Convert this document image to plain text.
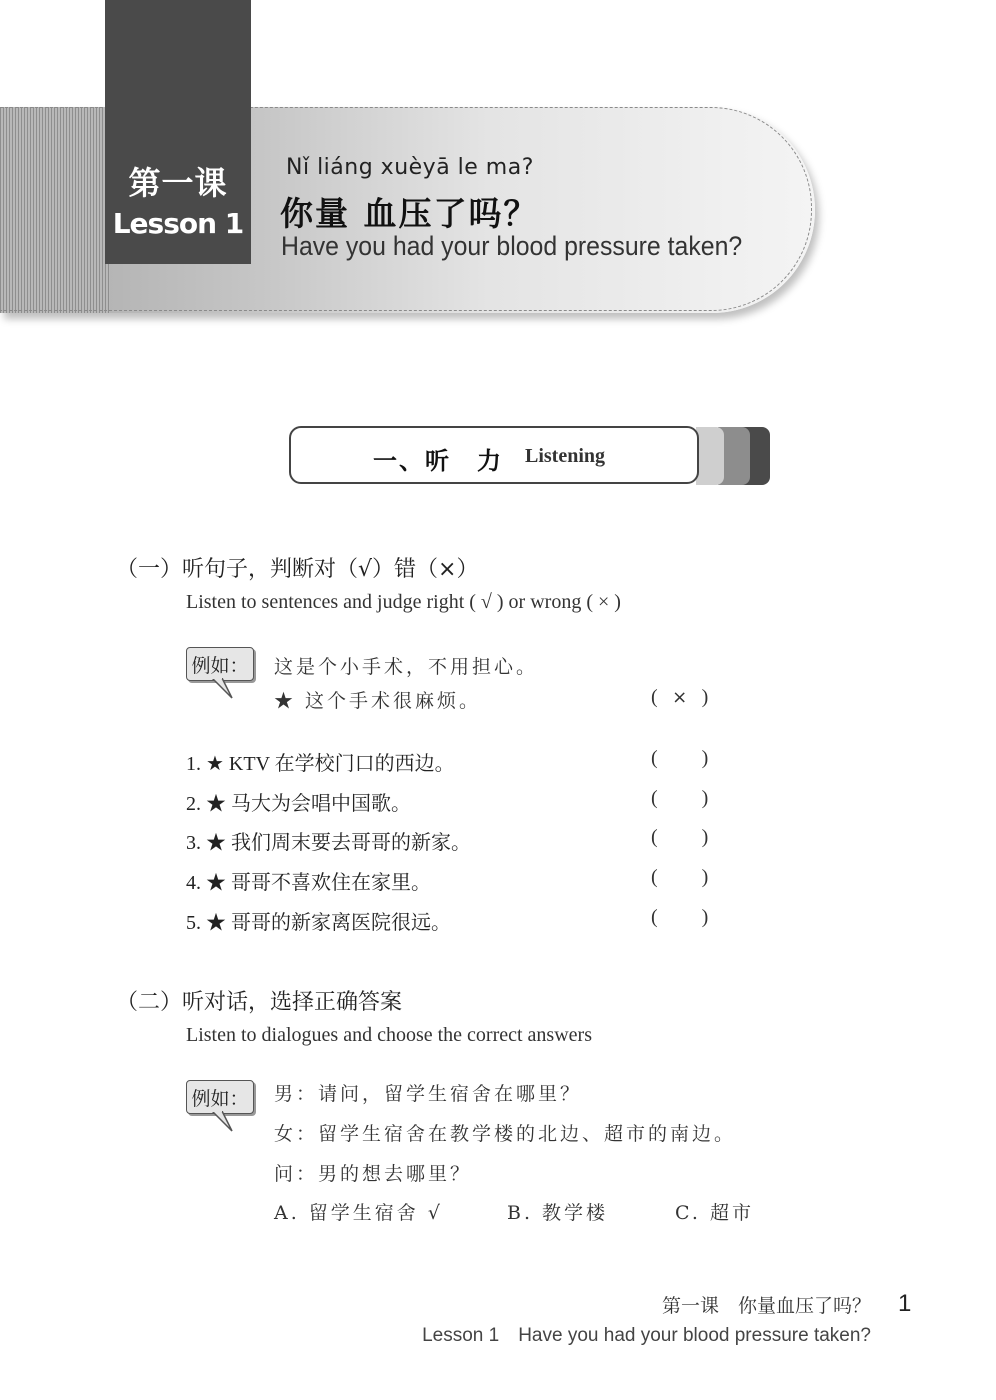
第一课
Lesson 1
Nǐ liáng xuèyā le ma?
你量 血压了吗？
Have you had your blood pressure taken?
一、听　力 Listening
（一）听句子，判断对（√）错（×）
Listen to sentences and judge right ( √ ) or wrong ( × )
例如： 这是个小手术，不用担心。
★ 这个手术很麻烦。	( × )
1. ★ KTV 在学校门口的西边。	( )
2. ★ 马大为会唱中国歌。	( )
3. ★ 我们周末要去哥哥的新家。	( )
4. ★ 哥哥不喜欢住在家里。	( )
5. ★ 哥哥的新家离医院很远。	( )
（二）听对话，选择正确答案
Listen to dialogues and choose the correct answers
例如： 男：请问，留学生宿舍在哪里？
女：留学生宿舍在教学楼的北边、超市的南边。
问：男的想去哪里？
A. 留学生宿舍 √	B. 教学楼	C. 超市
第一课　你量血压了吗？ 1
Lesson 1　Have you had your blood pressure taken?
